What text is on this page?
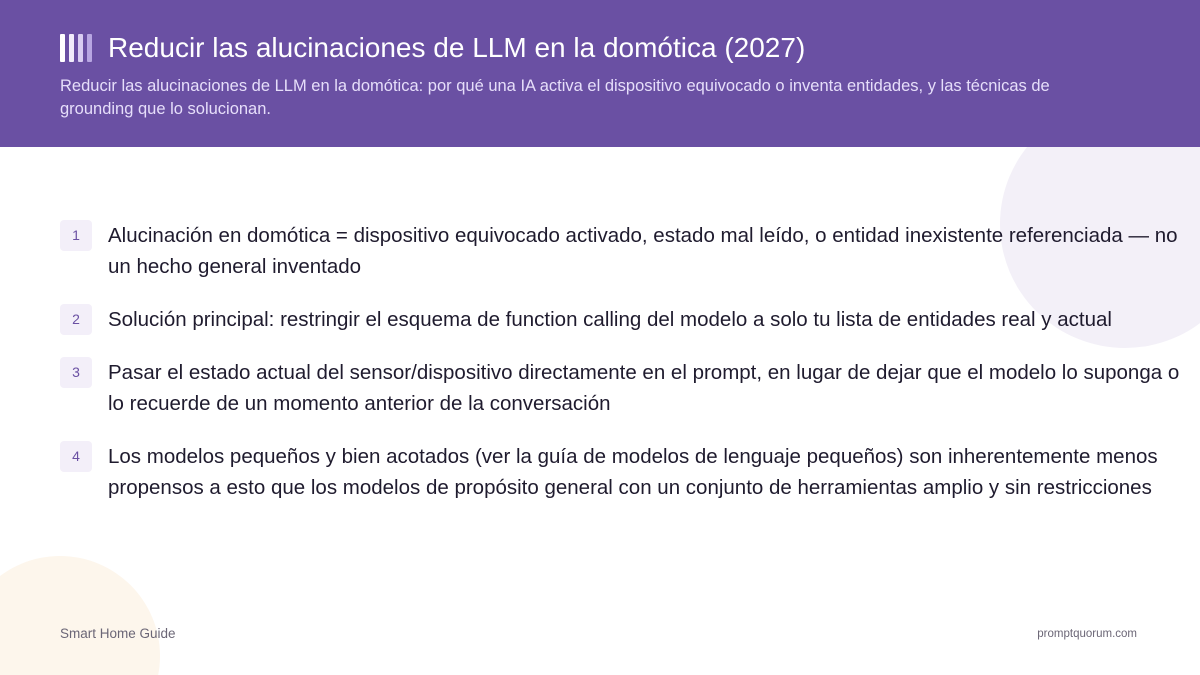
Reducir las alucinaciones de LLM en la domótica (2027)

Reducir las alucinaciones de LLM en la domótica: por qué una IA activa el dispositivo equivocado o inventa entidades, y las técnicas de grounding que lo solucionan.

1	Alucinación en domótica = dispositivo equivocado activado, estado mal leído, o entidad inexistente referenciada — no un hecho general inventado
2	Solución principal: restringir el esquema de function calling del modelo a solo tu lista de entidades real y actual
3	Pasar el estado actual del sensor/dispositivo directamente en el prompt, en lugar de dejar que el modelo lo suponga o lo recuerde de un momento anterior de la conversación
4	Los modelos pequeños y bien acotados (ver la guía de modelos de lenguaje pequeños) son inherentemente menos propensos a esto que los modelos de propósito general con un conjunto de herramientas amplio y sin restricciones
Smart Home Guide	promptquorum.com
